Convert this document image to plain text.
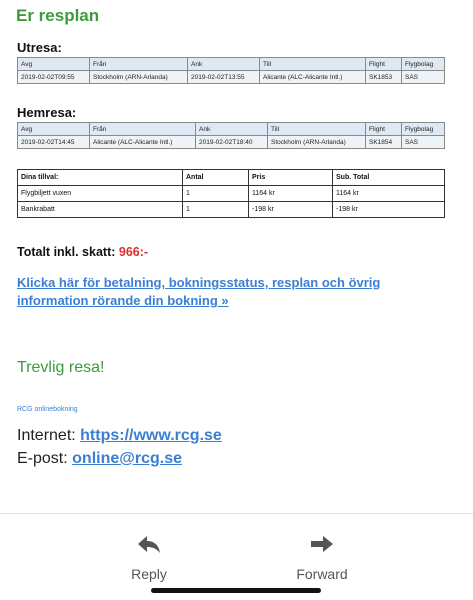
Er resplan
Utresa:
Avg	Från	Ank	Till	Flight	Flygbolag
2019-02-02T09:55	Stockholm (ARN-Arlanda)	2019-02-02T13:55	Alicante (ALC-Alicante Intl.)	SK1853	SAS
Hemresa:
Avg	Från	Ank	Till	Flight	Flygbolag
2019-02-02T14:45	Alicante (ALC-Alicante Intl.)	2019-02-02T18:40	Stockholm (ARN-Arlanda)	SK1854	SAS
Dina tillval:	Antal	Pris	Sub. Total
Flygbiljett vuxen	1	1164 kr	1164 kr
Bankrabatt	1	-198 kr	-198 kr
Totalt inkl. skatt: 966:-
Klicka här för betalning, bokningsstatus, resplan och övrig information rörande din bokning »
Trevlig resa!
RCG onlinebokning
Internet: https://www.rcg.se
E-post: online@rcg.se
Reply	Forward
